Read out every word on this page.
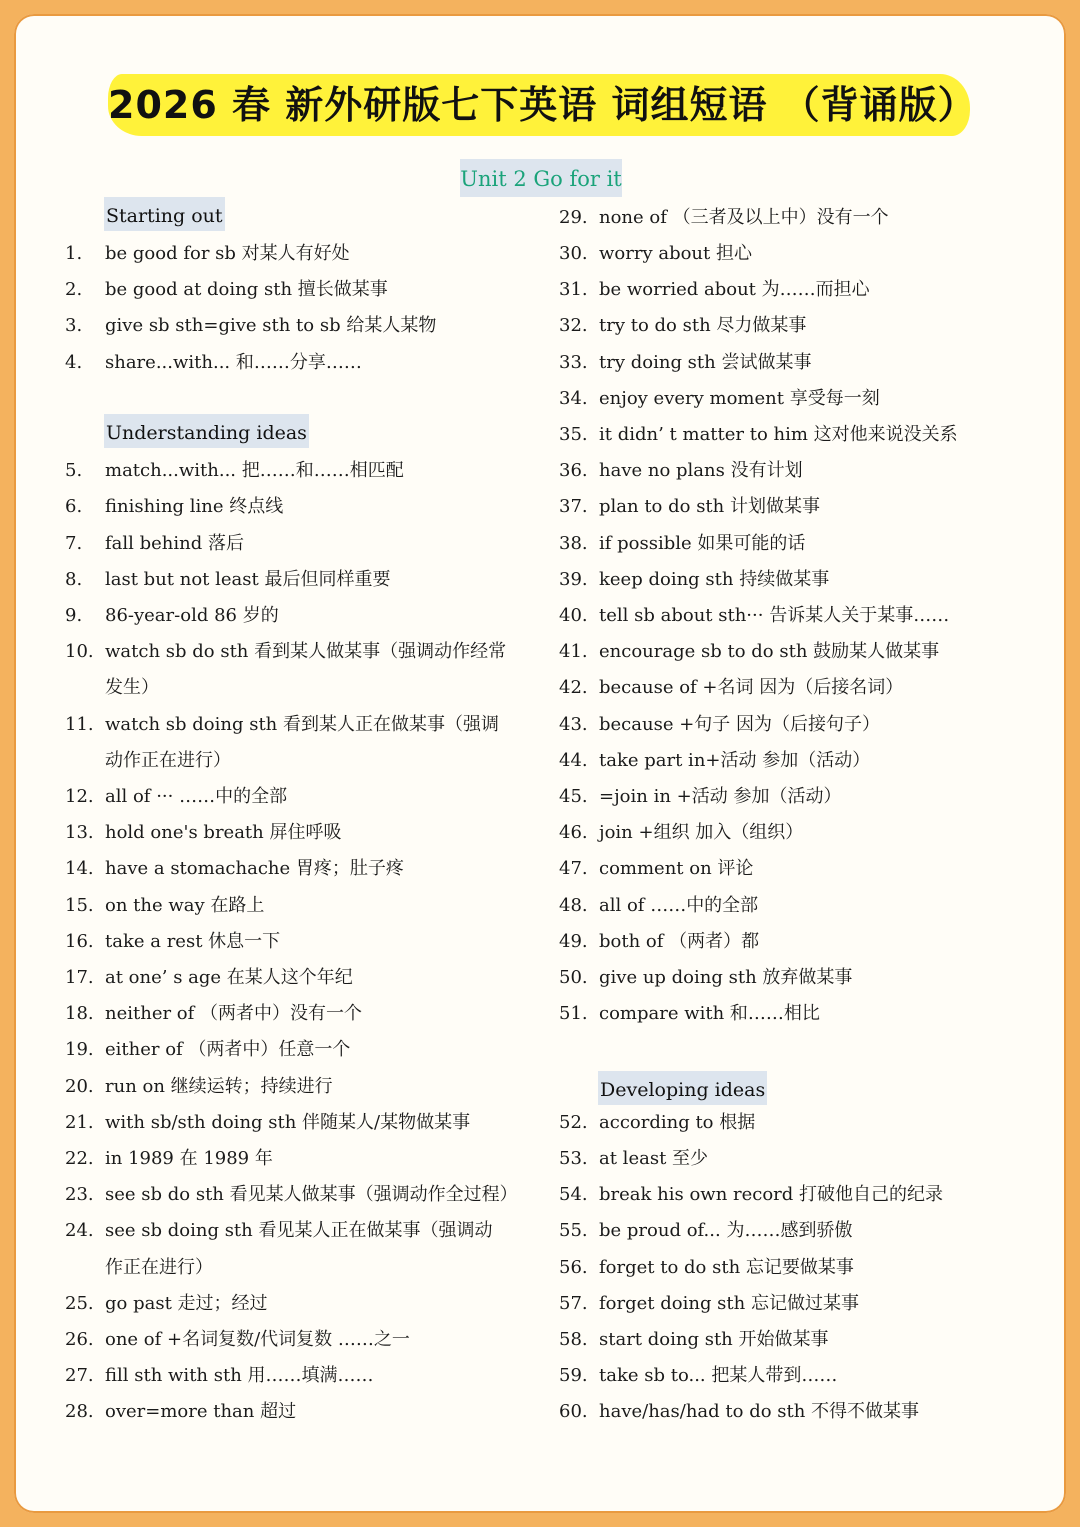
2026 春 新外研版七下英语 词组短语 （背诵版）
Unit 2 Go for it
Starting out
Understanding ideas
Developing ideas
1. be good for sb 对某人有好处
2. be good at doing sth 擅长做某事
3. give sb sth=give sth to sb 给某人某物
4. share...with... 和……分享……
5. match...with... 把……和……相匹配
6. finishing line 终点线
7. fall behind 落后
8. last but not least 最后但同样重要
9. 86-year-old 86 岁的
10. watch sb do sth 看到某人做某事（强调动作经常
发生）
11. watch sb doing sth 看到某人正在做某事（强调
动作正在进行）
12. all of ··· ……中的全部
13. hold one's breath 屏住呼吸
14. have a stomachache 胃疼；肚子疼
15. on the way 在路上
16. take a rest 休息一下
17. at one’ s age 在某人这个年纪
18. neither of （两者中）没有一个
19. either of （两者中）任意一个
20. run on 继续运转；持续进行
21. with sb/sth doing sth 伴随某人/某物做某事
22. in 1989 在 1989 年
23. see sb do sth 看见某人做某事（强调动作全过程）
24. see sb doing sth 看见某人正在做某事（强调动
作正在进行）
25. go past 走过；经过
26. one of +名词复数/代词复数 ……之一
27. fill sth with sth 用……填满……
28. over=more than 超过
29. none of （三者及以上中）没有一个
30. worry about 担心
31. be worried about 为……而担心
32. try to do sth 尽力做某事
33. try doing sth 尝试做某事
34. enjoy every moment 享受每一刻
35. it didn’ t matter to him 这对他来说没关系
36. have no plans 没有计划
37. plan to do sth 计划做某事
38. if possible 如果可能的话
39. keep doing sth 持续做某事
40. tell sb about sth··· 告诉某人关于某事……
41. encourage sb to do sth 鼓励某人做某事
42. because of +名词 因为（后接名词）
43. because +句子 因为（后接句子）
44. take part in+活动 参加（活动）
45. =join in +活动 参加（活动）
46. join +组织 加入（组织）
47. comment on 评论
48. all of ……中的全部
49. both of （两者）都
50. give up doing sth 放弃做某事
51. compare with 和……相比
52. according to 根据
53. at least 至少
54. break his own record 打破他自己的纪录
55. be proud of... 为……感到骄傲
56. forget to do sth 忘记要做某事
57. forget doing sth 忘记做过某事
58. start doing sth 开始做某事
59. take sb to... 把某人带到……
60. have/has/had to do sth 不得不做某事
